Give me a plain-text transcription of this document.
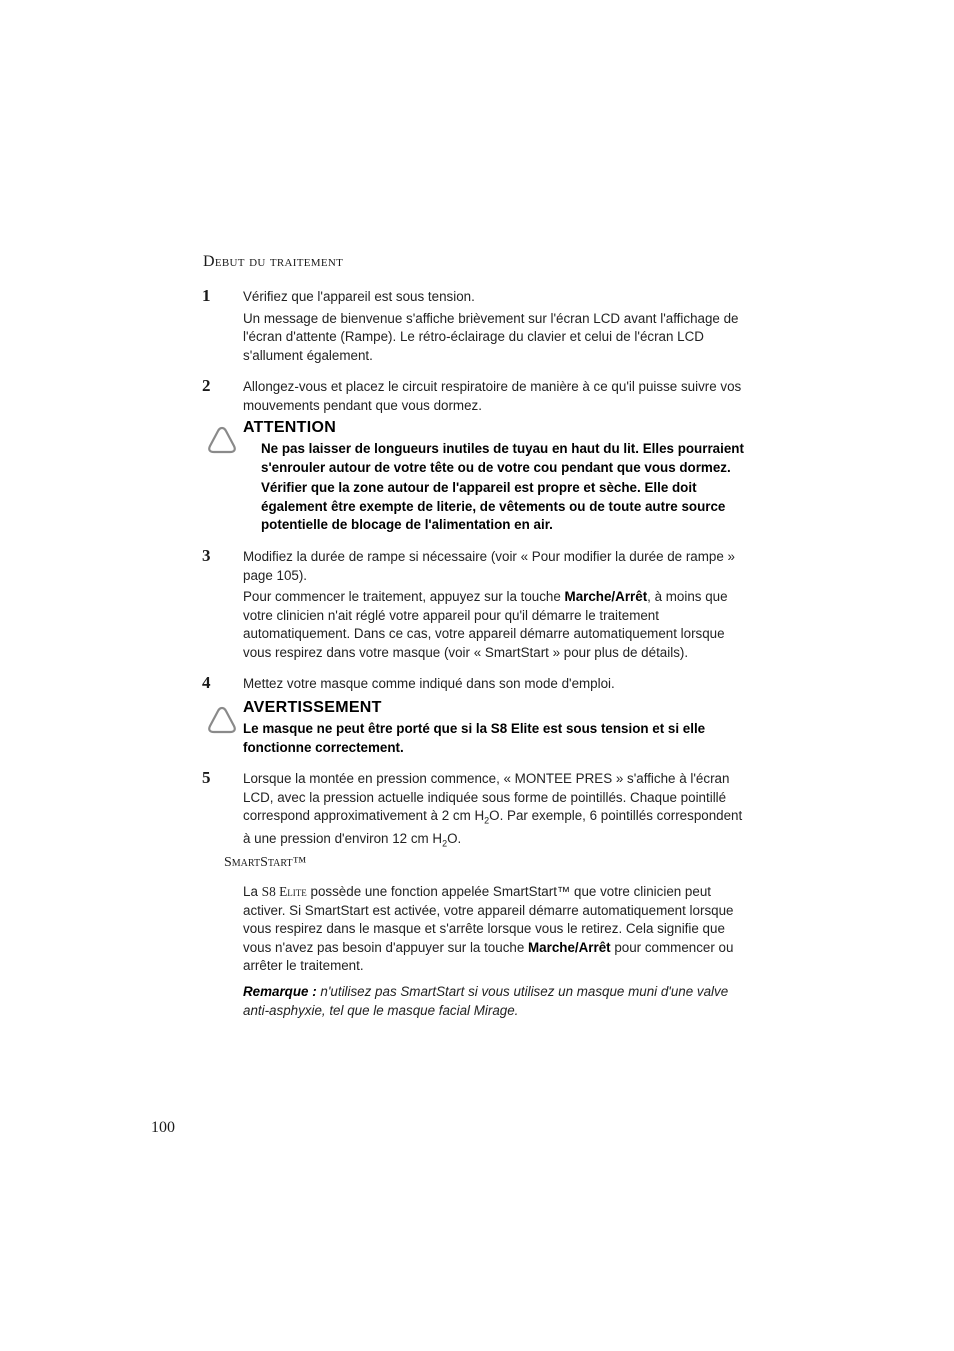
Debut du traitement
1 Vérifiez que l'appareil est sous tension.

Un message de bienvenue s'affiche brièvement sur l'écran LCD avant l'affichage de l'écran d'attente (Rampe). Le rétro-éclairage du clavier et celui de l'écran LCD s'allument également.

2 Allongez-vous et placez le circuit respiratoire de manière à ce qu'il puisse suivre vos mouvements pendant que vous dormez.

ATTENTION

Ne pas laisser de longueurs inutiles de tuyau en haut du lit. Elles pourraient s'enrouler autour de votre tête ou de votre cou pendant que vous dormez.

Vérifier que la zone autour de l'appareil est propre et sèche. Elle doit également être exempte de literie, de vêtements ou de toute autre source potentielle de blocage de l'alimentation en air.

3 Modifiez la durée de rampe si nécessaire (voir « Pour modifier la durée de rampe » page 105).

Pour commencer le traitement, appuyez sur la touche Marche/Arrêt, à moins que votre clinicien n'ait réglé votre appareil pour qu'il démarre le traitement automatiquement. Dans ce cas, votre appareil démarre automatiquement lorsque vous respirez dans votre masque (voir « SmartStart » pour plus de détails).

4 Mettez votre masque comme indiqué dans son mode d'emploi.

AVERTISSEMENT
Le masque ne peut être porté que si la S8 Elite est sous tension et si elle fonctionne correctement.
5 Lorsque la montée en pression commence, « MONTEE PRES » s'affiche à l'écran LCD, avec la pression actuelle indiquée sous forme de pointillés. Chaque pointillé correspond approximativement à 2 cm $H_2O$. Par exemple, 6 pointillés correspondent à une pression d'environ 12 cm $H_2O$.

SmartStart™

La S8 Elite possède une fonction appelée SmartStart™ que votre clinicien peut activer. Si SmartStart est activée, votre appareil démarre automatiquement lorsque vous respirez dans le masque et s'arrête lorsque vous le retirez. Cela signifie que vous n'avez pas besoin d'appuyer sur la touche Marche/Arrêt pour commencer ou arrêter le traitement.

Remarque : n'utilisez pas SmartStart si vous utilisez un masque muni d'une valve anti-asphyxie, tel que le masque facial Mirage.

100
